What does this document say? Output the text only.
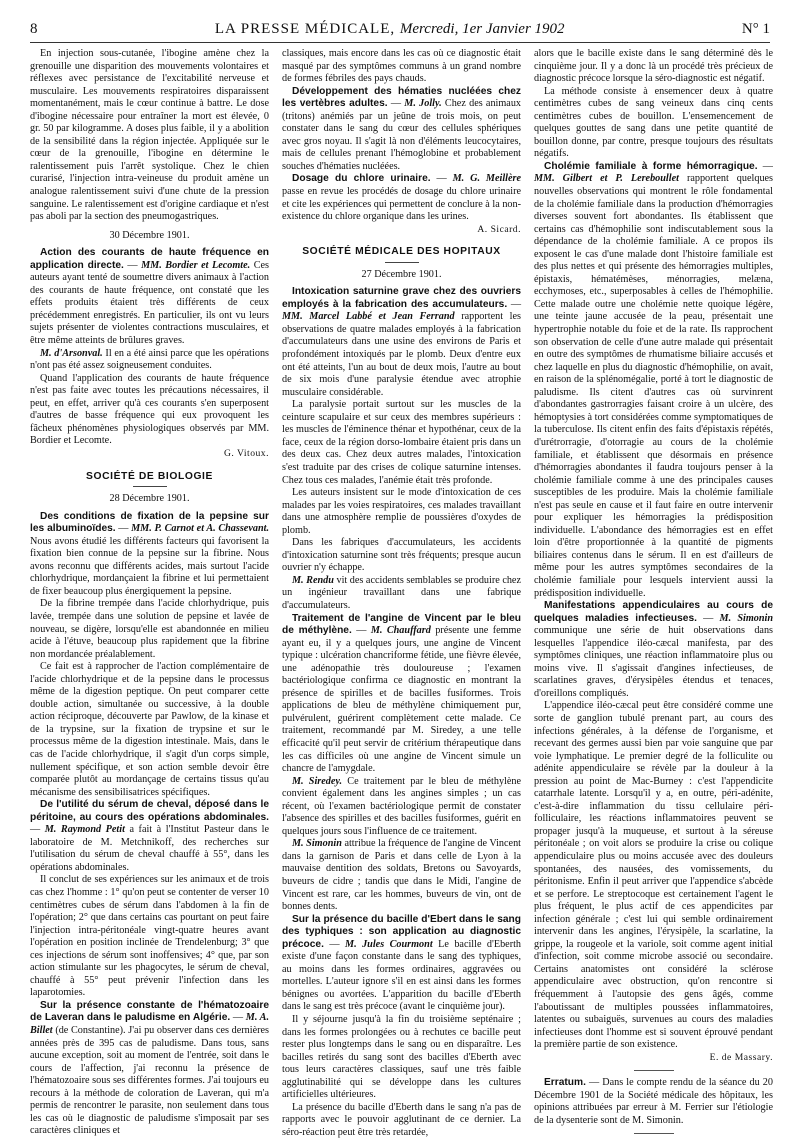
8	LA PRESSE MÉDICALE, Mercredi, 1er Janvier 1902	N° 1

En injection sous-cutanée, l'ibogine amène chez la grenouille une disparition des mouvements volontaires et réflexes avec persistance de l'excitabilité nerveuse et musculaire. Les mouvements respiratoires disparaissent momentanément, mais le cœur continue à battre. Le dose d'ibogine nécessaire pour entraîner la mort est élevée, 0 gr. 50 par kilogramme. A doses plus faible, il y a abolition de la sensibilité dans la région injectée. Appliquée sur le cœur de la grenouille, l'ibogine en détermine le ralentissement puis l'arrêt systolique. Chez le chien curarisé, l'injection intra-veineuse du produit amène un analogue ralentissement suivi d'une chute de la pression sanguine. Le ralentissement est d'origine cardiaque et n'est pas aboli par la section des pneumogastriques.

30 Décembre 1901.

Action des courants de haute fréquence en application directe. — MM. Bordier et Lecomte. Ces auteurs ayant tenté de soumettre divers animaux à l'action des courants de haute fréquence, ont constaté que les effets produits étaient très différents de ceux précédemment enregistrés. En particulier, ils ont vu leurs sujets présenter de violentes contractions musculaires, et être même atteints de brûlures graves.

M. d'Arsonval. Il en a été ainsi parce que les opérations n'ont pas été assez soigneusement conduites.

Quand l'application des courants de haute fréquence n'est pas faite avec toutes les précautions nécessaires, il peut, en effet, arriver qu'à ces courants s'en superposent d'autres de basse fréquence qui eux provoquent les fâcheux phénomènes physiologiques observés par MM. Bordier et Lecomte.

G. Vitoux.

SOCIÉTÉ DE BIOLOGIE

28 Décembre 1901.

Des conditions de fixation de la pepsine sur les albuminoïdes. — MM. P. Carnot et A. Chassevant. Nous avons étudié les différents facteurs qui favorisent la fixation bien connue de la pepsine sur la fibrine. Nous avons reconnu que différents acides, mais surtout l'acide chlorhydrique, mordançaient la fibrine et lui permettaient de fixer beaucoup plus énergiquement la pepsine.

De la fibrine trempée dans l'acide chlorhydrique, puis lavée, trempée dans une solution de pepsine et lavée de nouveau, se digère, lorsqu'elle est abandonnée en milieu acide à l'étuve, beaucoup plus rapidement que la fibrine non mordancée préalablement.

Ce fait est à rapprocher de l'action complémentaire de l'acide chlorhydrique et de la pepsine dans le processus même de la digestion peptique. On peut comparer cette double action, simultanée ou successive, à la double action réciproque, découverte par Pawlow, de la kinase et de la trypsine, sur la fixation de trypsine et sur le processus même de la digestion intestinale. Mais, dans le cas de l'acide chlorhydrique, il s'agit d'un corps simple, nullement spécifique, et son action semble devoir être comparée plutôt au mordançage de certains tissus qu'au mécanisme des sensibilisatrices spécifiques.

De l'utilité du sérum de cheval, déposé dans le péritoine, au cours des opérations abdominales. — M. Raymond Petit a fait à l'Institut Pasteur dans le laboratoire de M. Metchnikoff, des recherches sur l'utilisation du sérum de cheval chauffé à 55°, dans les opérations abdominales.

Il conclut de ses expériences sur les animaux et de trois cas chez l'homme : 1° qu'on peut se contenter de verser 10 centimètres cubes de sérum dans l'abdomen à la fin de l'opération; 2° que dans certains cas pourtant on peut faire l'injection intra-péritonéale vingt-quatre heures avant l'opération en position inclinée de Trendelenburg; 3° que ces injections de sérum sont inoffensives; 4° que, par son action stimulante sur les phagocytes, le sérum de cheval, chauffé à 55° peut prévenir l'infection dans les laparotomies.

Sur la présence constante de l'hématozoaire de Laveran dans le paludisme en Algérie. — M. A. Billet (de Constantine). J'ai pu observer dans ces dernières années près de 395 cas de paludisme. Dans tous, sans aucune exception, soit au moment de l'entrée, soit dans le cours de l'affection, j'ai reconnu la présence de l'hématozoaire sous ses différentes formes. J'ai toujours eu recours à la méthode de coloration de Laveran, qui m'a permis de rencontrer le parasite, non seulement dans tous les cas où le diagnostic de paludisme s'imposait par ses caractères cliniques et

classiques, mais encore dans les cas où ce diagnostic était masqué par des symptômes communs à un grand nombre de formes fébriles des pays chauds.

Développement des hématies nucléées chez les vertèbres adultes. — M. Jolly. Chez des animaux (tritons) anémiés par un jeûne de trois mois, on peut constater dans le sang du cœur des cellules sphériques avec gros noyau. Il s'agit là non d'éléments leucocytaires, mais de cellules prenant l'hémoglobine et probablement souches d'hématies nucléées.

Dosage du chlore urinaire. — M. G. Meillère passe en revue les procédés de dosage du chlore urinaire et cite les expériences qui permettent de conclure à la non-existence du chlore organique dans les urines.

A. Sicard.

SOCIÉTÉ MÉDICALE DES HOPITAUX

27 Décembre 1901.

Intoxication saturnine grave chez des ouvriers employés à la fabrication des accumulateurs. — MM. Marcel Labbé et Jean Ferrand rapportent les observations de quatre malades employés à la fabrication d'accumulateurs dans une usine des environs de Paris et profondément intoxiqués par le plomb. Deux d'entre eux ont été atteints, l'un au bout de deux mois, l'autre au bout de six mois d'une paralysie étendue avec atrophie musculaire considérable.

La paralysie portait surtout sur les muscles de la ceinture scapulaire et sur ceux des membres supérieurs : les muscles de l'éminence thénar et hypothénar, ceux de la face, ceux de la région dorso-lombaire étaient pris dans un des deux cas. Chez deux autres malades, l'intoxication s'est traduite par des crises de colique saturnine intenses. Chez tous ces malades, l'anémie était très profonde.

Les auteurs insistent sur le mode d'intoxication de ces malades par les voies respiratoires, ces malades travaillant dans une atmosphère remplie de poussières d'oxydes de plomb.

Dans les fabriques d'accumulateurs, les accidents d'intoxication saturnine sont très fréquents; presque aucun ouvrier n'y échappe.

M. Rendu vit des accidents semblables se produire chez un ingénieur travaillant dans une fabrique d'accumulateurs.

Traitement de l'angine de Vincent par le bleu de méthylène. — M. Chauffard présente une femme ayant eu, il y a quelques jours, une angine de Vincent typique : ulcération chancriforme fétide, une fièvre élevée, une adénopathie très douloureuse ; l'examen bactériologique confirma ce diagnostic en montrant la présence de spirilles et de bacilles fusiformes. Trois applications de bleu de méthylène chimiquement pur, pulvérulent, guérirent complètement cette malade. Ce traitement, recommandé par M. Siredey, a une telle efficacité qu'il peut servir de critérium thérapeutique dans les cas difficiles où une angine de Vincent simule un chancre de l'amygdale.

M. Siredey. Ce traitement par le bleu de méthylène convient également dans les angines simples ; un cas récent, où l'examen bactériologique permit de constater l'absence des spirilles et des bacilles fusiformes, guérit en quelques jours sous l'influence de ce traitement.

M. Simonin attribue la fréquence de l'angine de Vincent dans la garnison de Paris et dans celle de Lyon à la mauvaise dentition des soldats, Bretons ou Savoyards, buveurs de cidre ; tandis que dans le Midi, l'angine de Vincent est rare, car les hommes, buveurs de vin, ont de bonnes dents.

Sur la présence du bacille d'Ebert dans le sang des typhiques : son application au diagnostic précoce. — M. Jules Courmont Le bacille d'Eberth existe d'une façon constante dans le sang des typhiques, au moins dans les formes ordinaires, aggravées ou mortelles. L'auteur ignore s'il en est ainsi dans les formes bénignes ou avortées. L'apparition du bacille d'Eberth dans le sang est très précoce (avant le cinquième jour).

Il y séjourne jusqu'à la fin du troisième septénaire ; dans les formes prolongées ou à rechutes ce bacille peut rester plus longtemps dans le sang ou en disparaître. Les bacilles retirés du sang sont des bacilles d'Eberth avec tous leurs caractères classiques, sauf une très faible agglutinabilité qui se développe dans les cultures artificielles ultérieures.

La présence du bacille d'Eberth dans le sang n'a pas de rapports avec le pouvoir agglutinant de ce dernier. La séro-réaction peut être très retardée,

alors que le bacille existe dans le sang déterminé dès le cinquième jour. Il y a donc là un procédé très précieux de diagnostic précoce lorsque la séro-diagnostic est négatif.

La méthode consiste à ensemencer deux à quatre centimètres cubes de sang veineux dans cinq cents centimètres cubes de bouillon. L'ensemencement de quelques gouttes de sang dans une petite quantité de bouillon donne, par contre, presque toujours des résultats négatifs.

Cholémie familiale à forme hémorragique. — MM. Gilbert et P. Lereboullet rapportent quelques nouvelles observations qui montrent le rôle fondamental de la cholémie familiale dans la production d'hémorragies diverses souvent fort abondantes. Ils établissent que certains cas d'hémophilie sont indiscutablement sous la dépendance de la cholémie familiale. A ce propos ils exposent le cas d'une malade dont l'histoire familiale est des plus nettes et qui présente des hémorragies multiples, épistaxis, hématémèses, ménorragies, melæna, ecchymoses, etc., superposables à celles de l'hémophilie. Cette malade outre une cholémie nette quoique légère, une teinte jaune accusée de la peau, présentait une hypertrophie notable du foie et de la rate. Ils rapprochent son observation de celle d'une autre malade qui présentait en outre des symptômes de rhumatisme biliaire accusés et chez laquelle en plus du diagnostic d'hémophilie, on avait, en raison de la splénomégalie, porté à tort le diagnostic de paludisme. Ils citent d'autres cas où survinrent d'abondantes gastrorragies faisant croire à un ulcère, des hémoptysies à tort considérées comme symptomatiques de la tuberculose. Ils citent enfin des faits d'épistaxis répétés, d'urétrorragie, d'otorragie au cours de la cholémie familiale, et établissent que désormais en présence d'hémorragies abondantes il faudra toujours penser à la cholémie familiale comme à une des principales causes susceptibles de les produire. Mais la cholémie familiale n'est pas seule en cause et il faut faire en outre intervenir pour expliquer les hémorragies la prédisposition individuelle. L'abondance des hémorragies est en effet loin d'être proportionnée à la quantité de pigments biliaires contenus dans le sérum. Il en est d'ailleurs de même pour les autres symptômes secondaires de la cholémie familiale pour lesquels intervient aussi la prédisposition individuelle.

Manifestations appendiculaires au cours de quelques maladies infectieuses. — M. Simonin communique une série de huit observations dans lesquelles l'appendice iléo-cæcal manifesta, par des symptômes cliniques, une réaction inflammatoire plus ou moins vive. Il s'agissait d'angines infectieuses, de scarlatines graves, d'érysipèles étendus et tenaces, d'oreillons compliqués.

L'appendice iléo-cæcal peut être considéré comme une sorte de ganglion tubulé prenant part, au cours des infections générales, à la défense de l'organisme, et recevant des germes aussi bien par voie sanguine que par voie lymphatique. Le premier degré de la folliculite ou adénite appendiculaire se révèle par la douleur à la pression au point de Mac-Burney : c'est l'appendicite catarrhale latente. Lorsqu'il y a, en outre, péri-adénite, c'est-à-dire inflammation du tissu cellulaire péri-folliculaire, les réactions inflammatoires peuvent se propager jusqu'à la muqueuse, et surtout à la séreuse péritonéale ; on voit alors se produire la crise ou colique appendiculaire plus ou moins accusée avec des douleurs spontanées, des nausées, des vomissements, du péritonisme. Enfin il peut arriver que l'appendice s'abcède et se perfore. Le streptocoque est certainement l'agent le plus fréquent, le plus actif de ces appendicites par infection générale ; c'est lui qui semble ordinairement intervenir dans les angines, l'érysipèle, la scarlatine, la grippe, la rougeole et la variole, soit comme agent initial d'infection, soit comme microbe associé ou secondaire. Certains anatomistes ont considéré la sclérose appendiculaire avec obstruction, qu'on rencontre si fréquemment à l'autopsie des gens âgés, comme l'aboutissant de multiples poussées inflammatoires, latentes ou subaiguës, survenues au cours des maladies infectieuses dont l'homme est si souvent éprouvé pendant la première partie de son existence.

E. de Massary.

Erratum. — Dans le compte rendu de la séance du 20 Décembre 1901 de la Société médicale des hôpitaux, les opinions attribuées par erreur à M. Ferrier sur l'étiologie de la dysenterie sont de M. Simonin.
